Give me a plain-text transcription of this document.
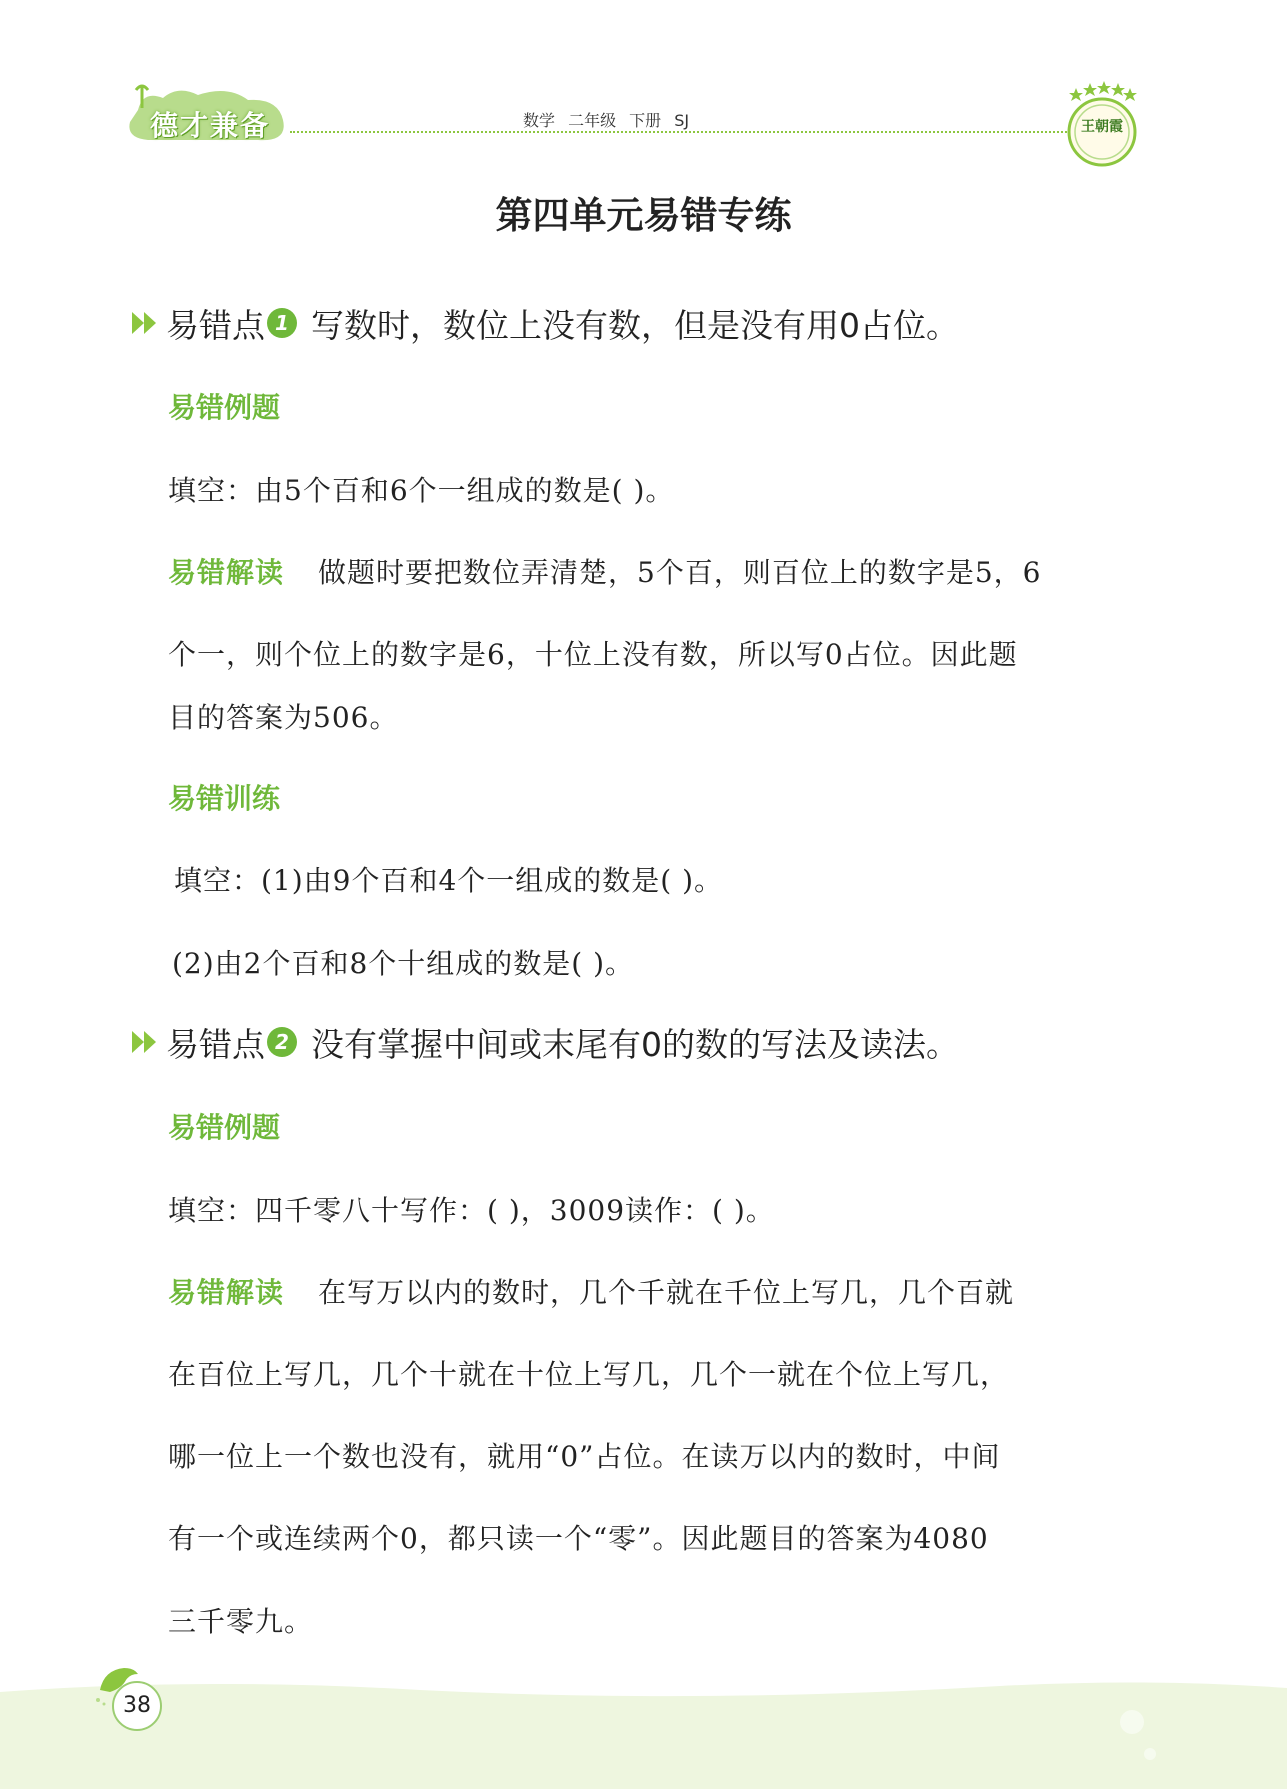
德才兼备	数学 二年级 下册 SJ	王朝霞
第四单元易错专练
易错点 1 写数时，数位上没有数，但是没有用0占位。
易错例题
填空：由5个百和6个一组成的数是( )。
易错解读 做题时要把数位弄清楚，5个百，则百位上的数字是5，6
个一，则个位上的数字是6，十位上没有数，所以写0占位。因此题
目的答案为506。
易错训练
填空：(1)由9个百和4个一组成的数是( )。
(2)由2个百和8个十组成的数是( )。
易错点 2 没有掌握中间或末尾有0的数的写法及读法。
易错例题
填空：四千零八十写作：( )，3009读作：( )。
易错解读 在写万以内的数时，几个千就在千位上写几，几个百就
在百位上写几，几个十就在十位上写几，几个一就在个位上写几，
哪一位上一个数也没有，就用“0”占位。在读万以内的数时，中间
有一个或连续两个0，都只读一个“零”。因此题目的答案为4080
三千零九。
38
